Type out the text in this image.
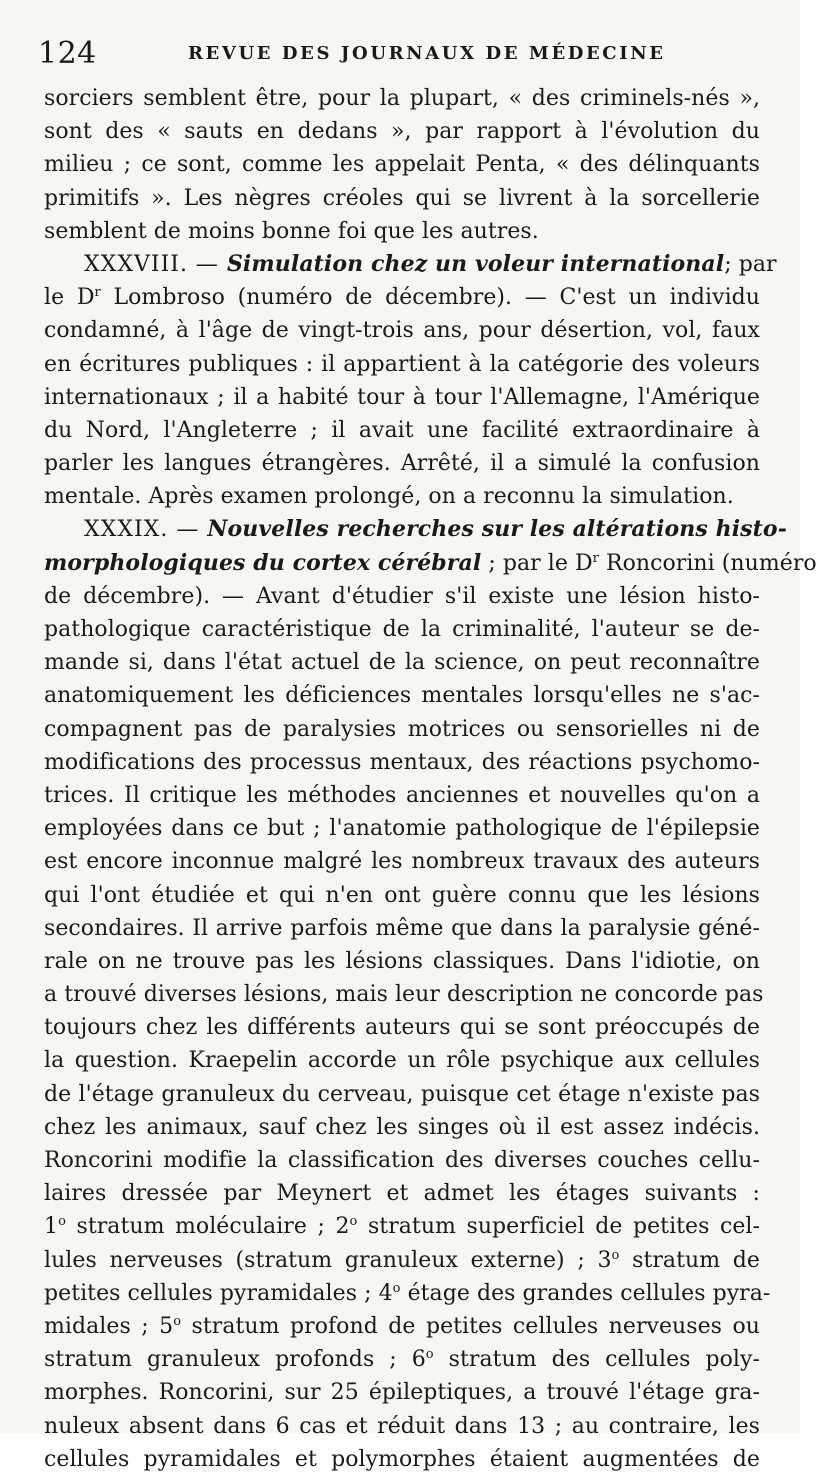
124	REVUE DES JOURNAUX DE MÉDECINE
sorciers semblent être, pour la plupart, « des criminels-nés »,
sont des « sauts en dedans », par rapport à l'évolution du
milieu ; ce sont, comme les appelait Penta, « des délinquants
primitifs ». Les nègres créoles qui se livrent à la sorcellerie
semblent de moins bonne foi que les autres.
XXXVIII. — Simulation chez un voleur international; par
le $D^r$ Lombroso (numéro de décembre). — C'est un individu
condamné, à l'âge de vingt-trois ans, pour désertion, vol, faux
en écritures publiques : il appartient à la catégorie des voleurs
internationaux ; il a habité tour à tour l'Allemagne, l'Amérique
du Nord, l'Angleterre ; il avait une facilité extraordinaire à
parler les langues étrangères. Arrêté, il a simulé la confusion
mentale. Après examen prolongé, on a reconnu la simulation.
XXXIX. — Nouvelles recherches sur les altérations histo-
morphologiques du cortex cérébral ; par le $D^r$ Roncorini (numéro
de décembre). — Avant d'étudier s'il existe une lésion histo-
pathologique caractéristique de la criminalité, l'auteur se de-
mande si, dans l'état actuel de la science, on peut reconnaître
anatomiquement les déficiences mentales lorsqu'elles ne s'ac-
compagnent pas de paralysies motrices ou sensorielles ni de
modifications des processus mentaux, des réactions psychomo-
trices. Il critique les méthodes anciennes et nouvelles qu'on a
employées dans ce but ; l'anatomie pathologique de l'épilepsie
est encore inconnue malgré les nombreux travaux des auteurs
qui l'ont étudiée et qui n'en ont guère connu que les lésions
secondaires. Il arrive parfois même que dans la paralysie géné-
rale on ne trouve pas les lésions classiques. Dans l'idiotie, on
a trouvé diverses lésions, mais leur description ne concorde pas
toujours chez les différents auteurs qui se sont préoccupés de
la question. Kraepelin accorde un rôle psychique aux cellules
de l'étage granuleux du cerveau, puisque cet étage n'existe pas
chez les animaux, sauf chez les singes où il est assez indécis.
Roncorini modifie la classification des diverses couches cellu-
laires dressée par Meynert et admet les étages suivants :
1$^o$ stratum moléculaire ; 2$^o$ stratum superficiel de petites cel-
lules nerveuses (stratum granuleux externe) ; 3$^o$ stratum de
petites cellules pyramidales ; 4$^o$ étage des grandes cellules pyra-
midales ; 5$^o$ stratum profond de petites cellules nerveuses ou
stratum granuleux profonds ; 6$^o$ stratum des cellules poly-
morphes. Roncorini, sur 25 épileptiques, a trouvé l'étage gra-
nuleux absent dans 6 cas et réduit dans 13 ; au contraire, les
cellules pyramidales et polymorphes étaient augmentées de
